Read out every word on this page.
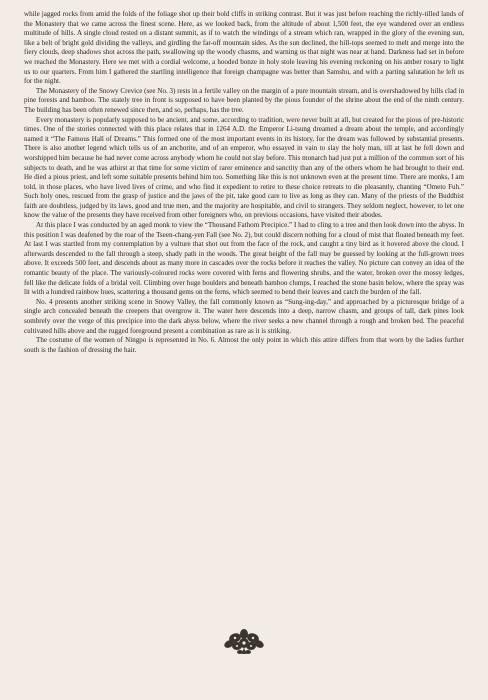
while jagged rocks from amid the folds of the foliage shot up their bold cliffs in striking contrast. But it was just before reaching the richly-tilled lands of the Monastery that we came across the finest scene. Here, as we looked back, from the altitude of about 1,500 feet, the eye wandered over an endless multitude of hills. A single cloud rested on a distant summit, as if to watch the windings of a stream which ran, wrapped in the glory of the evening sun, like a belt of bright gold dividing the valleys, and girdling the far-off mountain sides. As the sun declined, the hill-tops seemed to melt and merge into the fiery clouds, deep shadows shot across the path, swallowing up the woody chasms, and warning us that night was near at hand. Darkness had set in before we reached the Monastery. Here we met with a cordial welcome, a hooded bonze in holy stole leaving his evening reckoning on his amber rosary to light us to our quarters. From him I gathered the startling intelligence that foreign champagne was better than Samshu, and with a parting salutation he left us for the night.

The Monastery of the Snowy Crevice (see No. 3) rests in a fertile valley on the margin of a pure mountain stream, and is overshadowed by hills clad in pine forests and bamboo. The stately tree in front is supposed to have been planted by the pious founder of the shrine about the end of the ninth century. The building has been often renewed since then, and so, perhaps, has the tree.

Every monastery is popularly supposed to be ancient, and some, according to tradition, were never built at all, but created for the pious of pre-historic times. One of the stories connected with this place relates that in 1264 A.D. the Emperor Li-tsung dreamed a dream about the temple, and accordingly named it “The Famous Hall of Dreams.” This formed one of the most important events in its history, for the dream was followed by substantial presents. There is also another legend which tells us of an anchorite, and of an emperor, who essayed in vain to slay the holy man, till at last he fell down and worshipped him because he had never come across anybody whom he could not slay before. This monarch had just put a million of the common sort of his subjects to death, and he was athirst at that time for some victim of rarer eminence and sanctity than any of the others whom he had brought to their end. He died a pious priest, and left some suitable presents behind him too. Something like this is not unknown even at the present time. There are monks, I am told, in those places, who have lived lives of crime, and who find it expedient to retire to these choice retreats to die pleasantly, chanting “Ometo Fuh.” Such holy ones, rescued from the grasp of justice and the jaws of the pit, take good care to live as long as they can. Many of the priests of the Buddhist faith are doubtless, judged by its laws, good and true men, and the majority are hospitable, and civil to strangers. They seldom neglect, however, to let one know the value of the presents they have received from other foreigners who, on previous occasions, have visited their abodes.

At this place I was conducted by an aged monk to view the “Thousand Fathom Precipice.” I had to cling to a tree and then look down into the abyss. In this position I was deafened by the roar of the Tseen-chang-yen Fall (see No. 2), but could discern nothing for a cloud of mist that floated beneath my feet. At last I was startled from my contemplation by a vulture that shot out from the face of the rock, and caught a tiny bird as it hovered above the cloud. I afterwards descended to the fall through a steep, shady path in the woods. The great height of the fall may be guessed by looking at the full-grown trees above. It exceeds 500 feet, and descends about as many more in cascades over the rocks before it reaches the valley. No picture can convey an idea of the romantic beauty of the place. The variously-coloured rocks were covered with ferns and flowering shrubs, and the water, broken over the mossy ledges, fell like the delicate folds of a bridal veil. Climbing over huge boulders and beneath bamboo clumps, I reached the stone basin below, where the spray was lit with a hundred rainbow hues, scattering a thousand gems on the ferns, which seemed to bend their leaves and catch the burden of the fall.

No. 4 presents another striking scene in Snowy Valley, the fall commonly known as “Sung-ing-day,” and approached by a picturesque bridge of a single arch concealed beneath the creepers that overgrow it. The water here descends into a deep, narrow chasm, and groups of tall, dark pines look sombrely over the verge of this precipice into the dark abyss below, where the river seeks a new channel through a rough and broken bed. The peaceful cultivated hills above and the rugged foreground present a combination as rare as it is striking.

The costume of the women of Ningpo is represented in No. 6. Almost the only point in which this attire differs from that worn by the ladies further south is the fashion of dressing the hair.
